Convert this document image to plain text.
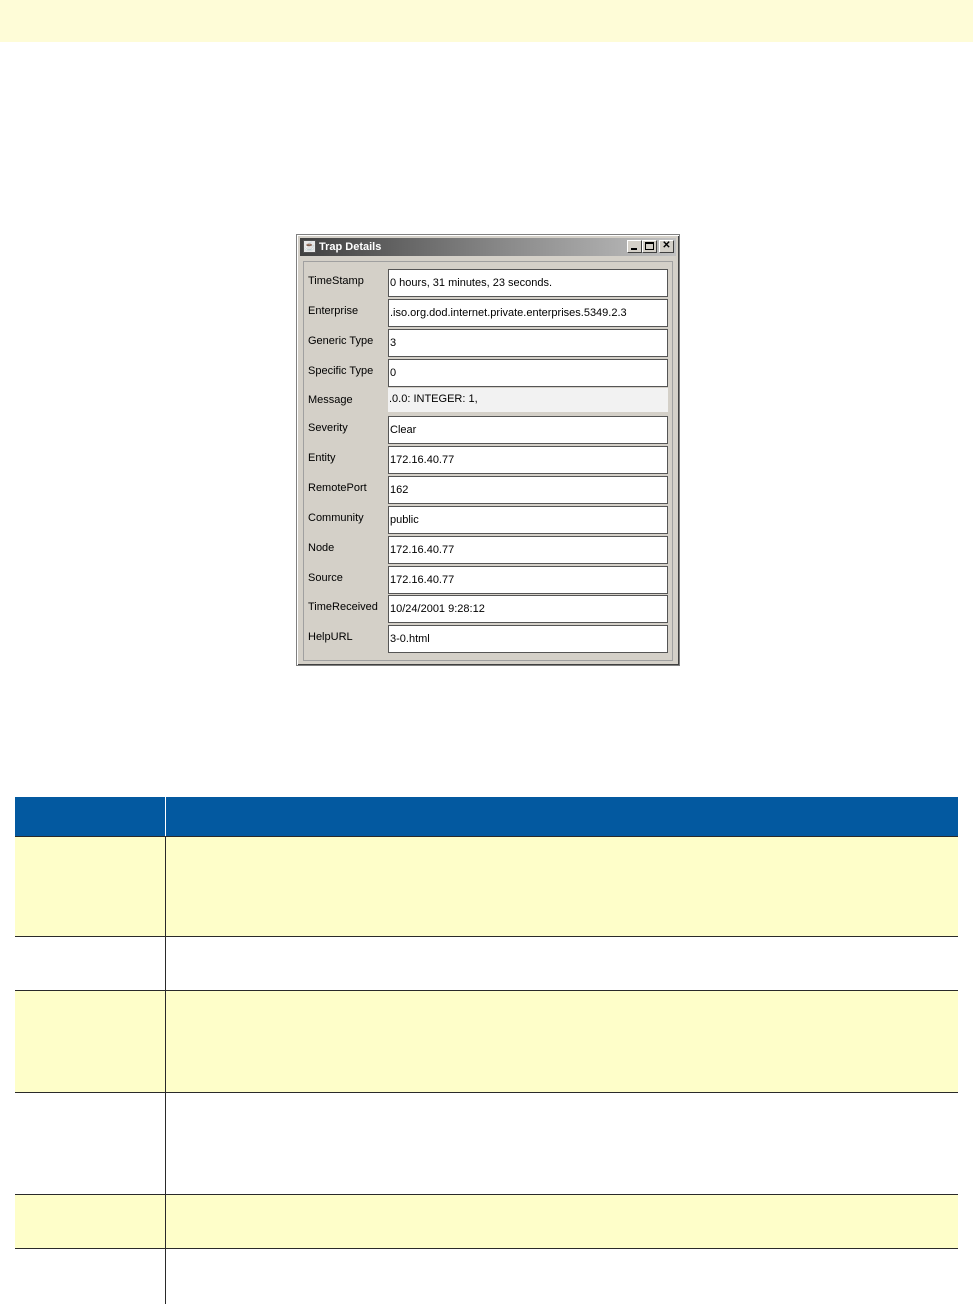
☕ Trap Details	✕
TimeStamp 0 hours, 31 minutes, 23 seconds.
Enterprise	.iso.org.dod.internet.private.enterprises.5349.2.3
Generic Type 3
Specific Type 0
Message	.0.0: INTEGER: 1,
Severity	Clear
Entity	172.16.40.77
RemotePort 162
Community public
Node	172.16.40.77
Source	172.16.40.77
TimeReceived 10/24/2001 9:28:12
HelpURL	3-0.html
